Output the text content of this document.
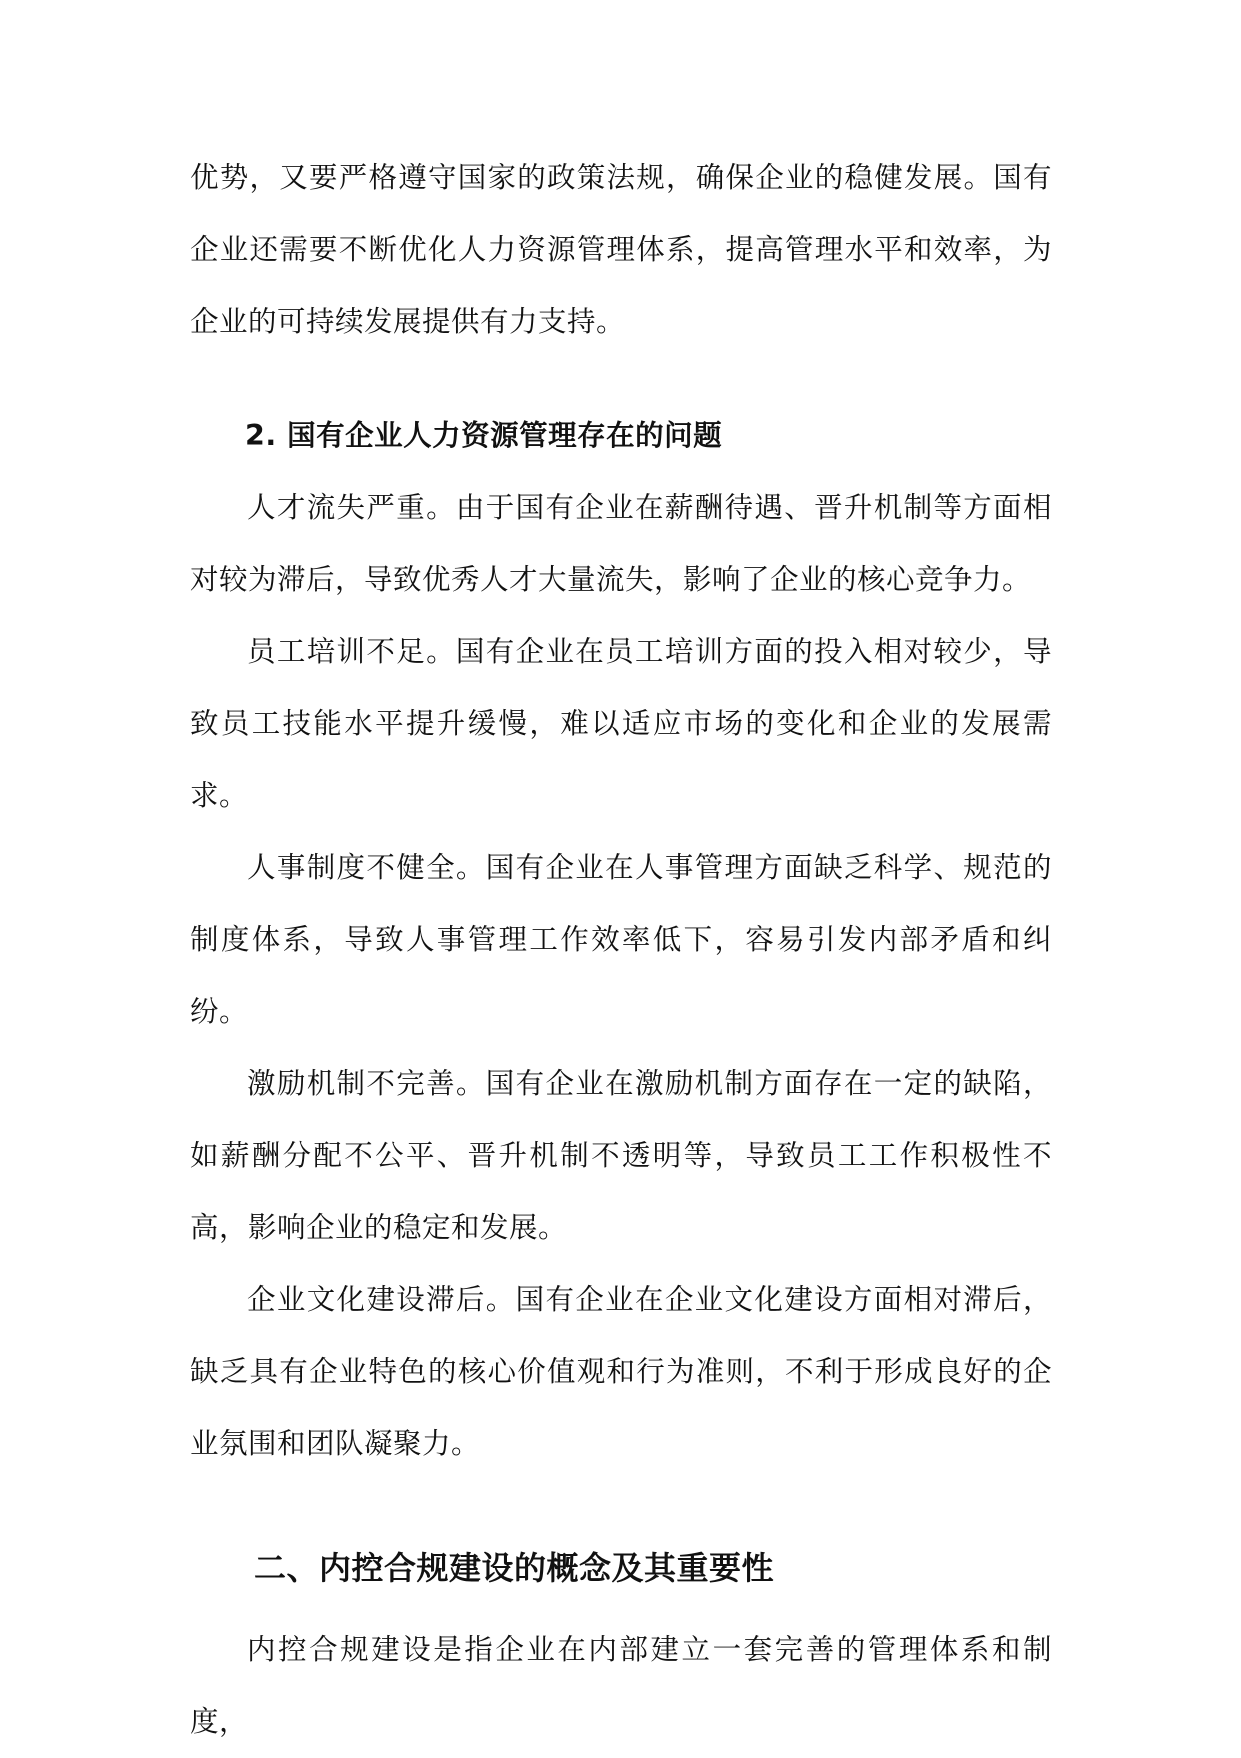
优势，又要严格遵守国家的政策法规，确保企业的稳健发展。国有企业还需要不断优化人力资源管理体系，提高管理水平和效率，为企业的可持续发展提供有力支持。

2. 国有企业人力资源管理存在的问题

人才流失严重。由于国有企业在薪酬待遇、晋升机制等方面相对较为滞后，导致优秀人才大量流失，影响了企业的核心竞争力。

员工培训不足。国有企业在员工培训方面的投入相对较少，导致员工技能水平提升缓慢，难以适应市场的变化和企业的发展需求。

人事制度不健全。国有企业在人事管理方面缺乏科学、规范的制度体系，导致人事管理工作效率低下，容易引发内部矛盾和纠纷。

激励机制不完善。国有企业在激励机制方面存在一定的缺陷，如薪酬分配不公平、晋升机制不透明等，导致员工工作积极性不高，影响企业的稳定和发展。

企业文化建设滞后。国有企业在企业文化建设方面相对滞后，缺乏具有企业特色的核心价值观和行为准则，不利于形成良好的企业氛围和团队凝聚力。

二、内控合规建设的概念及其重要性

内控合规建设是指企业在内部建立一套完善的管理体系和制度，
